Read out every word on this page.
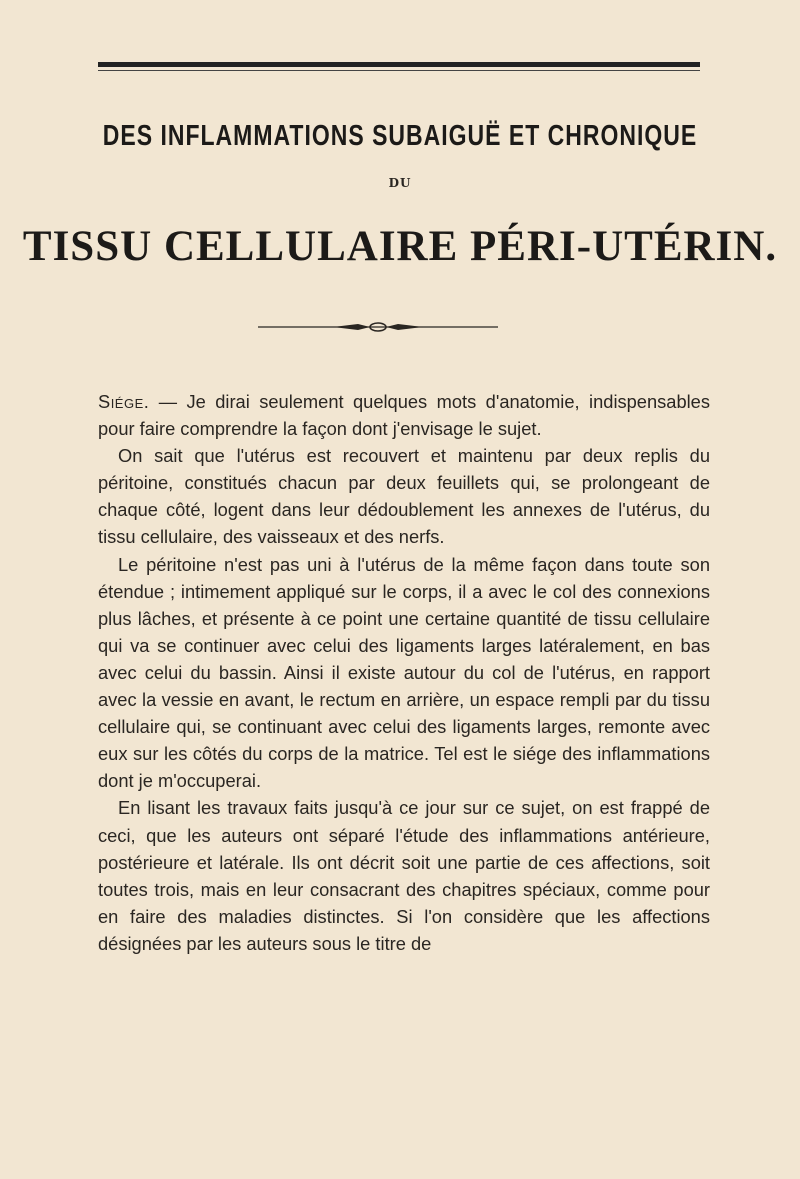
DES INFLAMMATIONS SUBAIGUË ET CHRONIQUE
DU
TISSU CELLULAIRE PÉRI-UTÉRIN.

Siége. — Je dirai seulement quelques mots d'anatomie, indispensables pour faire comprendre la façon dont j'envisage le sujet.

On sait que l'utérus est recouvert et maintenu par deux replis du péritoine, constitués chacun par deux feuillets qui, se prolongeant de chaque côté, logent dans leur dédoublement les annexes de l'utérus, du tissu cellulaire, des vaisseaux et des nerfs.

Le péritoine n'est pas uni à l'utérus de la même façon dans toute son étendue ; intimement appliqué sur le corps, il a avec le col des connexions plus lâches, et présente à ce point une certaine quantité de tissu cellulaire qui va se continuer avec celui des ligaments larges latéralement, en bas avec celui du bassin. Ainsi il existe autour du col de l'utérus, en rapport avec la vessie en avant, le rectum en arrière, un espace rempli par du tissu cellulaire qui, se continuant avec celui des ligaments larges, remonte avec eux sur les côtés du corps de la matrice. Tel est le siége des inflammations dont je m'occuperai.

En lisant les travaux faits jusqu'à ce jour sur ce sujet, on est frappé de ceci, que les auteurs ont séparé l'étude des inflammations antérieure, postérieure et latérale. Ils ont décrit soit une partie de ces affections, soit toutes trois, mais en leur consacrant des chapitres spéciaux, comme pour en faire des maladies distinctes. Si l'on considère que les affections désignées par les auteurs sous le titre de
